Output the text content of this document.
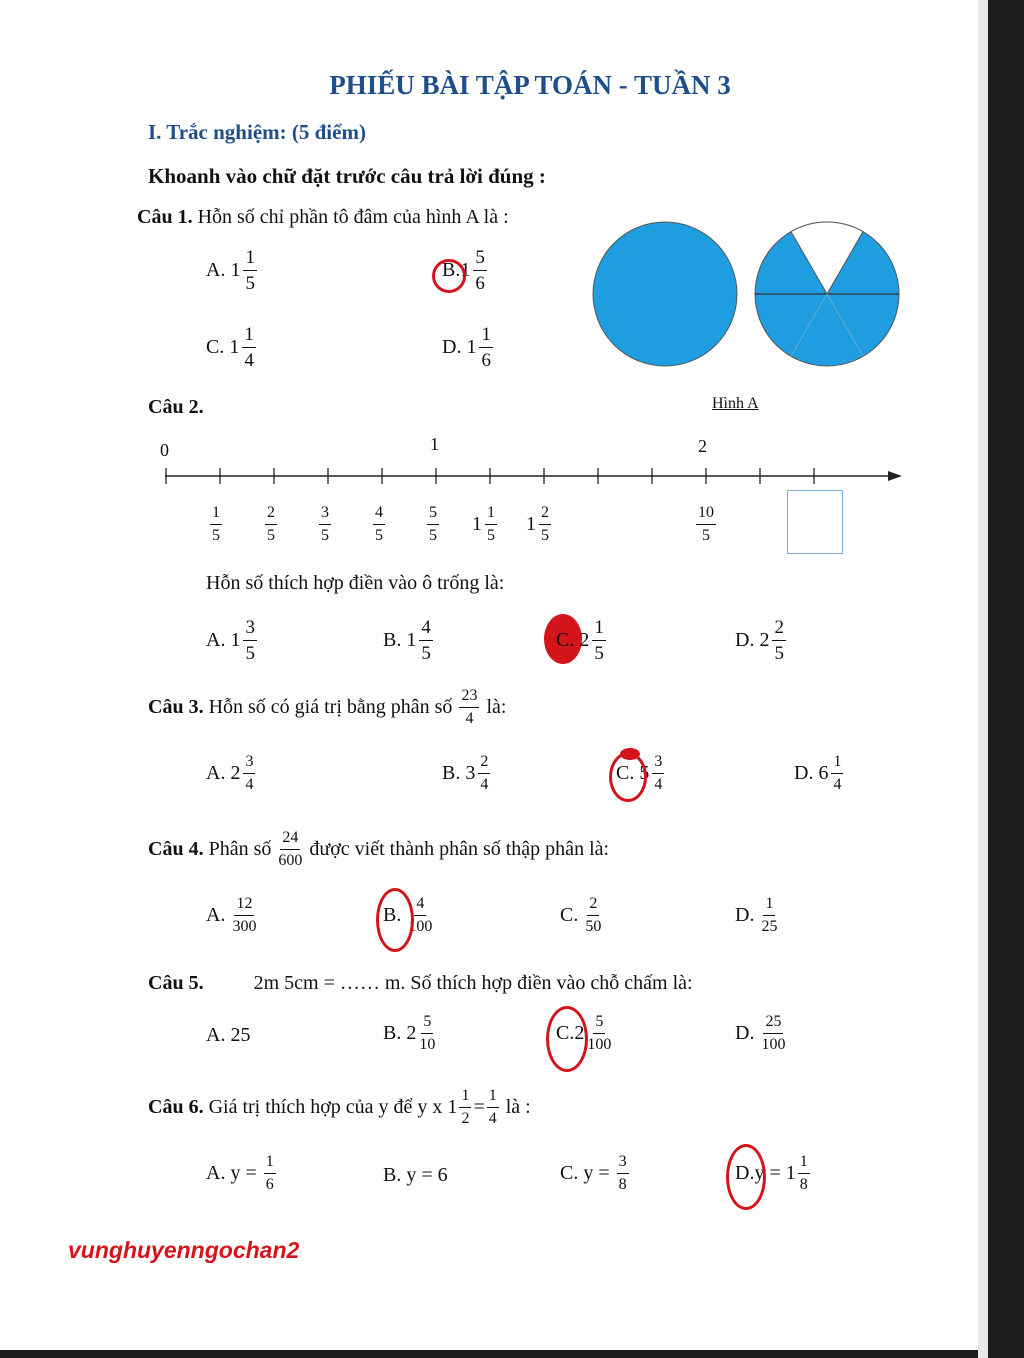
PHIẾU BÀI TẬP TOÁN - TUẦN 3
I. Trắc nghiệm: (5 điểm)
Khoanh vào chữ đặt trước câu trả lời đúng :
Câu 1. Hỗn số chỉ phần tô đâm của hình A là :
A.
$1 \frac{1}{5}$	B. $1 \frac{5}{6}$
C.
$1 \frac{1}{4}$	D.
$1 \frac{1}{6}$
Hình A
Câu 2.
0	1	2
$\frac{1}{5}$	$\frac{2}{5}$	$\frac{3}{5}$	$\frac{4}{5}$	$\frac{5}{5} 1 \frac{1}{5} 1 \frac{2}{5}$	$\frac{10}{5}$
Hỗn số thích hợp điền vào ô trống là:
A.
$1 \frac{3}{5}$	B.
$1 \frac{4}{5}$	C.
$2 \frac{1}{5}$	D.
$2 \frac{2}{5}$
Câu 3.
Hỗn số có giá trị bằng phân số
$\frac{23}{4}$
là:
A.
$2 \frac{3}{4}$	B.
$3 \frac{2}{4}$	C.
$5 \frac{3}{4}$	D.
$6 \frac{1}{4}$
Câu 4.
Phân số
$\frac{24}{600}$
được viết thành phân số thập phân là:
A.
$\frac{12}{300}$	B.
$\frac{4}{100}$	C.
$\frac{2}{50}$	D.
$\frac{1}{25}$
Câu 5.	2m 5cm = …… m. Số thích hợp điền vào chỗ chấm là:
A.
25	B.
$2 \frac{5}{10}$	C. $2 \frac{5}{100}$	D.
$\frac{25}{100}$
Câu 6.
Giá trị thích hợp của y để y x $1 \frac{1}{2} = \frac{1}{4}$
là :
A.
y =
$\frac{1}{6}$	B.
y = 6	C.
y =
$\frac{3}{8}$	D. $y = 1 \frac{1}{8}$
vunghuyenngochan2
